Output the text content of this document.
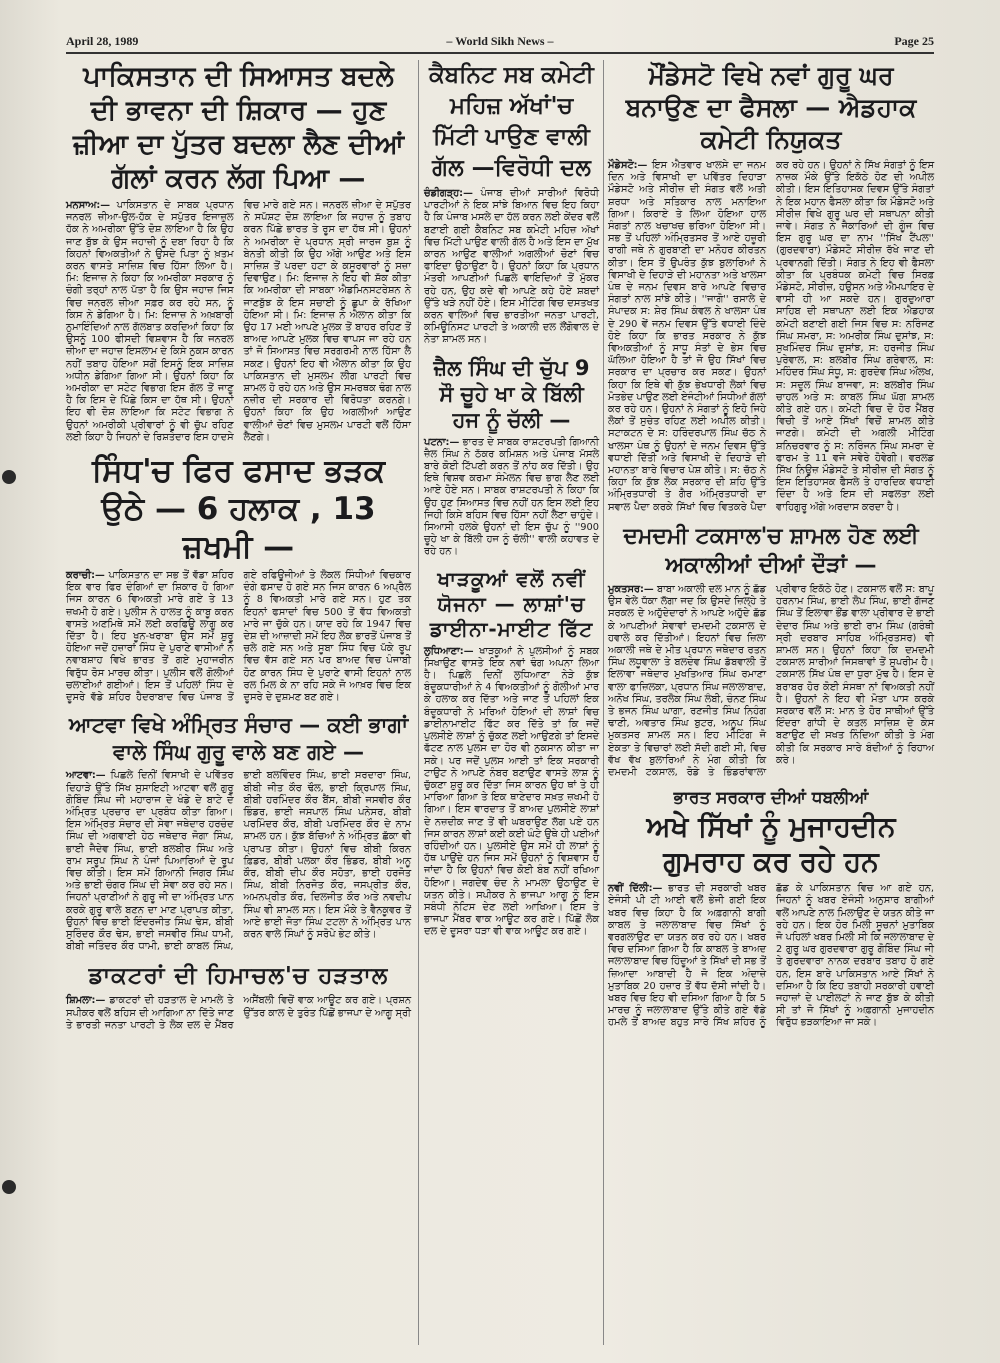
April 28, 1989	– World Sikh News –	Page 25
ਪਾਕਿਸਤਾਨ ਦੀ ਸਿਆਸਤ ਬਦਲੇ ਦੀ ਭਾਵਨਾ ਦੀ ਸ਼ਿਕਾਰ — ਹੁਣ ਜ਼ੀਆ ਦਾ ਪੁੱਤਰ ਬਦਲਾ ਲੈਣ ਦੀਆਂ ਗੱਲਾਂ ਕਰਨ ਲੱਗ ਪਿਆ —

ਮਨਸਾਅ:— ਪਾਕਿਸਤਾਨ ਦੇ ਸਾਬਕ ਪ੍ਰਧਾਨ ਜਨਰਲ ਜ਼ੀਆ-ਉਲ-ਹੱਕ ਦੇ ਸਪੁੱਤਰ ਇਜਾਜ਼ੁਲ ਹੱਕ ਨੇ ਅਮਰੀਕਾ ਉੱਤੇ ਦੋਸ਼ ਲਾਇਆ ਹੈ ਕਿ ਉਹ ਜਾਣ ਬੁੱਝ ਕੇ ਉਸ ਜਹਾਜ਼ੀ ਨੂੰ ਦਬਾ ਰਿਹਾ ਹੈ ਕਿ ਕਿਹਨਾਂ ਵਿਅਕਤੀਆਂ ਨੇ ਉਸਦੇ ਪਿਤਾ ਨੂੰ ਖ਼ਤਮ ਕਰਨ ਵਾਸਤੇ ਸਾਜ਼ਿਸ਼ ਵਿਚ ਹਿੱਸਾ ਲਿਆ ਹੈ। ਮਿ: ਇਜਾਜ਼ ਨੇ ਕਿਹਾ ਕਿ ਅਮਰੀਕਾ ਸਰਕਾਰ ਨੂੰ ਚੰਗੀ ਤਰ੍ਹਾਂ ਨਾਲ ਪੱਤਾ ਹੈ ਕਿ ਉਸ ਜਹਾਜ਼ ਜਿਸ ਵਿਚ ਜਨਰਲ ਜ਼ੀਆ ਸਫ਼ਰ ਕਰ ਰਹੇ ਸਨ, ਨੂੰ ਕਿਸ ਨੇ ਡੇਗਿਆ ਹੈ। ਮਿ: ਇਜਾਜ਼ ਨੇ ਅਖ਼ਬਾਰੀ ਨੁਮਾਇੰਦਿਆਂ ਨਾਲ ਗੱਲਬਾਤ ਕਰਦਿਆਂ ਕਿਹਾ ਕਿ ਉਸਨੂੰ 100 ਫੀਸਦੀ ਵਿਸ਼ਵਾਸ ਹੈ ਕਿ ਜਨਰਲ ਜ਼ੀਆ ਦਾ ਜਹਾਜ਼ ਇਸਲਾਮ ਦੇ ਕਿਸੇ ਨੁਕਸ ਕਾਰਨ ਨਹੀਂ ਤਬਾਹ ਹੋਇਆ ਸਗੋਂ ਇਸਨੂੰ ਇਕ ਸਾਜ਼ਿਸ਼ ਅਧੀਨ ਡੇਗਿਆ ਗਿਆ ਸੀ। ਉਹਨਾਂ ਕਿਹਾ ਕਿ ਅਮਰੀਕਾ ਦਾ ਸਟੇਟ ਵਿਭਾਗ ਇਸ ਗੱਲ ਤੋਂ ਜਾਣੂ ਹੈ ਕਿ ਇਸ ਦੇ ਪਿੱਛੇ ਕਿਸ ਦਾ ਹੱਥ ਸੀ। ਉਹਨਾਂ ਇਹ ਵੀ ਦੋਸ਼ ਲਾਇਆ ਕਿ ਸਟੇਟ ਵਿਭਾਗ ਨੇ ਉਹਨਾਂ ਅਮਰੀਕੀ ਪ੍ਰੀਵਾਰਾਂ ਨੂੰ ਵੀ ਚੁੱਪ ਰਹਿਣ ਲਈ ਕਿਹਾ ਹੈ ਜਿਹਨਾਂ ਦੇ ਰਿਸ਼ਤੇਦਾਰ ਇਸ ਹਾਦਸੇ ਵਿਚ ਮਾਰੇ ਗਏ ਸਨ। ਜਨਰਲ ਜ਼ੀਆ ਦੇ ਸਪੁੱਤਰ ਨੇ ਸਪੱਸ਼ਟ ਦੋਸ਼ ਲਾਇਆ ਕਿ ਜਹਾਜ਼ ਨੂੰ ਤਬਾਹ ਕਰਨ ਪਿੱਛੇ ਭਾਰਤ ਤੇ ਰੂਸ ਦਾ ਹੱਥ ਸੀ। ਉਹਨਾਂ ਨੇ ਅਮਰੀਕਾ ਦੇ ਪ੍ਰਧਾਨ ਸ੍ਰੀ ਜਾਰਜ ਬੁਸ਼ ਨੂੰ ਬੇਨਤੀ ਕੀਤੀ ਕਿ ਉਹ ਅੱਗੇ ਆਉਣ ਅਤੇ ਇਸ ਸਾਜ਼ਿਸ਼ ਤੋਂ ਪਰਦਾ ਹਟਾ ਕੇ ਕਸੂਰਵਾਰਾਂ ਨੂੰ ਸਜ਼ਾ ਦਿਵਾਉਣ। ਮਿ: ਇਜਾਜ਼ ਨੇ ਇਹ ਵੀ ਸ਼ੱਕ ਕੀਤਾ ਕਿ ਅਮਰੀਕਾ ਦੀ ਸਾਬਕਾ ਐਡਮਿਨਸਟਰੇਸ਼ਨ ਨੇ ਜਾਣਬੁੱਝ ਕੇ ਇਸ ਸਚਾਈ ਨੂੰ ਛੁਪਾ ਕੇ ਰੱਖਿਆ ਹੋਇਆ ਸੀ। ਮਿ: ਇਜਾਜ਼ ਨੇ ਐਲਾਨ ਕੀਤਾ ਕਿ ਉਹ 17 ਮਈ ਆਪਣੇ ਮੁਲਕ ਤੋਂ ਬਾਹਰ ਰਹਿਣ ਤੋਂ ਬਾਅਦ ਆਪਣੇ ਮੁਲਕ ਵਿਚ ਵਾਪਸ ਜਾ ਰਹੇ ਹਨ ਤਾਂ ਜੋ ਸਿਆਸਤ ਵਿਚ ਸਰਗਰਮੀ ਨਾਲ ਹਿੱਸਾ ਲੈ ਸਕਣ। ਉਹਨਾਂ ਇਹ ਵੀ ਐਲਾਨ ਕੀਤਾ ਕਿ ਉਹ ਪਾਕਿਸਤਾਨ ਦੀ ਮੁਸਲਮ ਲੀਗ ਪਾਰਟੀ ਵਿਚ ਸ਼ਾਮਲ ਹੋ ਰਹੇ ਹਨ ਅਤੇ ਉਸ ਸਮਰਥਕ ਢੰਗ ਨਾਲ ਨਜ਼ੀਰ ਦੀ ਸਰਕਾਰ ਦੀ ਵਿਰੋਧਤਾ ਕਰਨਗੇ। ਉਹਨਾਂ ਕਿਹਾ ਕਿ ਉਹ ਅਗਲੀਆਂ ਆਉਣ ਵਾਲੀਆਂ ਚੋਣਾਂ ਵਿਚ ਮੁਸਲਮ ਪਾਰਟੀ ਵਲੋਂ ਹਿੱਸਾ ਲੈਣਗੇ।

ਸਿੰਧ'ਚ ਫਿਰ ਫਸਾਦ ਭੜਕ ਉਠੇ — 6 ਹਲਾਕ , 13 ਜ਼ਖਮੀ —

ਕਰਾਚੀ:— ਪਾਕਿਸਤਾਨ ਦਾ ਸਭ ਤੋਂ ਵੱਡਾ ਸ਼ਹਿਰ ਇਕ ਵਾਰ ਫਿਰ ਦੰਗਿਆਂ ਦਾ ਸ਼ਿਕਾਰ ਹੋ ਗਿਆ ਜਿਸ ਕਾਰਨ 6 ਵਿਅਕਤੀ ਮਾਰੇ ਗਏ ਤੇ 13 ਜ਼ਖਮੀ ਹੋ ਗਏ। ਪੁਲੀਸ ਨੇ ਹਾਲਤ ਨੂੰ ਕਾਬੂ ਕਰਨ ਵਾਸਤੇ ਅਣਮਿਥੇ ਸਮੇਂ ਲਈ ਕਰਫਿਊ ਲਾਗੂ ਕਰ ਦਿੱਤਾ ਹੈ। ਇਹ ਖੂਨ-ਖਰਾਬਾ ਉਸ ਸਮੇਂ ਸ਼ੁਰੂ ਹੋਇਆ ਜਦੋਂ ਹਜ਼ਾਰਾਂ ਸਿੰਧ ਦੇ ਪੁਰਾਣੇ ਵਾਸੀਆਂ ਨੇ ਨਵਾਬਸ਼ਾਹ ਵਿਖੇ ਭਾਰਤ ਤੋਂ ਗਏ ਮੁਹਾਜਰੀਨ ਵਿਰੁੱਧ ਰੋਸ ਮਾਰਚ ਕੀਤਾ। ਪੁਲੀਸ ਵਲੋਂ ਗੋਲੀਆਂ ਚਲਾਈਆਂ ਗਈਆਂ। ਇਸ ਤੋਂ ਪਹਿਲਾਂ ਸਿੰਧ ਦੇ ਦੂਸਰੇ ਵੱਡੇ ਸ਼ਹਿਰ ਹੈਦਰਾਬਾਦ ਵਿਚ ਪੰਜਾਬ ਤੋਂ ਗਏ ਰਫਿਊਜੀਆਂ ਤੇ ਲੋਕਲ ਸਿੰਧੀਆਂ ਵਿਚਕਾਰ ਦੰਗੇ ਫਸਾਦ ਹੋ ਗਏ ਸਨ ਜਿਸ ਕਾਰਨ 6 ਅਪ੍ਰੈਲ ਨੂੰ 8 ਵਿਅਕਤੀ ਮਾਰੇ ਗਏ ਸਨ। ਹੁਣ ਤਕ ਇਹਨਾਂ ਫਸਾਦਾਂ ਵਿਚ 500 ਤੋਂ ਵੱਧ ਵਿਅਕਤੀ ਮਾਰੇ ਜਾ ਚੁੱਕੇ ਹਨ। ਯਾਦ ਰਹੇ ਕਿ 1947 ਵਿਚ ਦੇਸ਼ ਦੀ ਆਜ਼ਾਦੀ ਸਮੇਂ ਇਹ ਲੋਕ ਭਾਰਤੋਂ ਪੰਜਾਬ ਤੋਂ ਚਲੇ ਗਏ ਸਨ ਅਤੇ ਸੂਬਾ ਸਿੰਧ ਵਿਚ ਪੱਕੇ ਰੂਪ ਵਿਚ ਵੱਸ ਗਏ ਸਨ ਪਰ ਬਾਅਦ ਵਿਚ ਪੰਜਾਬੀ ਹੋਣ ਕਾਰਨ ਸਿੰਧ ਦੇ ਪੁਰਾਣੇ ਵਾਸੀ ਇਹਨਾਂ ਨਾਲ ਰਲ ਮਿਲ ਕੇ ਨਾ ਰਹਿ ਸਕੇ ਜੋ ਆਖ਼ਰ ਵਿਚ ਇਕ ਦੂਸਰੇ ਦੇ ਦੁਸ਼ਮਣ ਬਣ ਗਏ।

ਆਟਵਾ ਵਿਖੇ ਅੰਮ੍ਰਿਤ ਸੰਚਾਰ — ਕਈ ਭਾਗਾਂ ਵਾਲੇ ਸਿੰਘ ਗੁਰੂ ਵਾਲੇ ਬਣ ਗਏ —

ਆਟਵਾ:— ਪਿਛਲੇ ਦਿਨੀਂ ਵਿਸਾਖੀ ਦੇ ਪਵਿੱਤਰ ਦਿਹਾੜੇ ਉੱਤੇ ਸਿੱਖ ਸੁਸਾਇਟੀ ਆਟਵਾ ਵਲੋਂ ਗੁਰੂ ਗੋਬਿੰਦ ਸਿੰਘ ਜੀ ਮਹਾਰਾਜ ਦੇ ਖੰਡੇ ਦੇ ਬਾਟੇ ਦੇ ਅੰਮ੍ਰਿਤ ਪ੍ਰਚਾਰ ਦਾ ਪ੍ਰਬੰਧ ਕੀਤਾ ਗਿਆ। ਇਸ ਅੰਮ੍ਰਿਤ ਸੰਚਾਰ ਦੀ ਸੇਵਾ ਜਥੇਦਾਰ ਹਰਚੰਦ ਸਿੰਘ ਦੀ ਅਗਵਾਈ ਹੇਠ ਜਥੇਦਾਰ ਜੋਗਾ ਸਿੰਘ, ਭਾਈ ਜੈਦੇਵ ਸਿੰਘ, ਭਾਈ ਬਲਬੀਰ ਸਿੰਘ ਅਤੇ ਰਾਮ ਸਰੂਪ ਸਿੰਘ ਨੇ ਪੰਜਾਂ ਪਿਆਰਿਆਂ ਦੇ ਰੂਪ ਵਿਚ ਕੀਤੀ। ਇਸ ਸਮੇਂ ਗਿਆਨੀ ਜਿਗਰ ਸਿੰਘ ਅਤੇ ਭਾਈ ਚੰਗਰ ਸਿੰਘ ਦੀ ਸੇਵਾ ਕਰ ਰਹੇ ਸਨ। ਜਿਹਨਾਂ ਪ੍ਰਾਣੀਆਂ ਨੇ ਗੁਰੂ ਜੀ ਦਾ ਅੰਮ੍ਰਿਤ ਪਾਨ ਕਰਕੇ ਗੁਰੂ ਵਾਲੇ ਬਣਨ ਦਾ ਮਾਣ ਪ੍ਰਾਪਤ ਕੀਤਾ, ਉਹਨਾਂ ਵਿਚ ਭਾਈ ਇੰਦਰਜੀਤ ਸਿੰਘ ਢੇਸ, ਬੀਬੀ ਸੁਰਿੰਦਰ ਕੌਰ ਢੇਸ, ਭਾਈ ਜਸਵੀਰ ਸਿੰਘ ਧਾਮੀ, ਬੀਬੀ ਜਤਿੰਦਰ ਕੌਰ ਧਾਮੀ, ਭਾਈ ਕਾਬਲ ਸਿੰਘ, ਭਾਈ ਬਲਵਿੰਦਰ ਸਿੰਘ, ਭਾਈ ਸਰਦਾਰਾ ਸਿੰਘ, ਬੀਬੀ ਜੀਤ ਕੌਰ ਢੌਲ, ਭਾਈ ਕ੍ਰਿਪਾਲ ਸਿੰਘ, ਬੀਬੀ ਹਰਮਿੰਦਰ ਕੌਰ ਬੈਂਸ, ਬੀਬੀ ਜਸਵੀਰ ਕੌਰ ਭਿੰਡਰ, ਭਾਈ ਜਸਪਾਲ ਸਿੰਘ ਪਨੇਸਰ, ਬੀਬੀ ਪਰਮਿੰਦਰ ਕੌਰ, ਬੀਬੀ ਪਰਮਿੰਦਰ ਕੌਰ ਦੇ ਨਾਮ ਸ਼ਾਮਲ ਹਨ। ਕੁੱਝ ਬੱਚਿਆਂ ਨੇ ਅੰਮ੍ਰਿਤ ਛੱਕਾ ਵੀ ਪ੍ਰਾਪਤ ਕੀਤਾ। ਉਹਨਾਂ ਵਿਚ ਬੀਬੀ ਕਿਰਨ ਫ਼ਿਡਰ, ਬੀਬੀ ਪਲਕਾ ਕੌਰ ਭਿੰਡਰ, ਬੀਬੀ ਅਨੂ ਕੌਰ, ਬੀਬੀ ਦੀਪ ਕੌਰ ਸਹੋਤਾ, ਭਾਈ ਹਰਜੋਤ ਸਿੰਘ, ਬੀਬੀ ਨਿਰਜੋਤ ਕੌਰ, ਜਸਪ੍ਰੀਤ ਕੌਰ, ਅਮਨਪ੍ਰੀਤ ਕੌਰ, ਦਿਲਜੀਤ ਕੌਰ ਅਤੇ ਨਵਦੀਪ ਸਿੰਘ ਵੀ ਸ਼ਾਮਲ ਸਨ। ਇਸ ਮੌਕੇ ਤੇ ਵੈਨਕੂਵਰ ਤੋਂ ਆਏ ਭਾਈ ਜੋਤਾ ਸਿੰਘ ਟਟਲਾ ਨੇ ਅੰਮ੍ਰਿਤ ਪਾਨ ਕਰਨ ਵਾਲੇ ਸਿੰਘਾਂ ਨੂੰ ਸਰੋਪੇ ਭੇਟ ਕੀਤੇ।

ਡਾਕਟਰਾਂ ਦੀ ਹਿਮਾਚਲ'ਚ ਹੜਤਾਲ

ਸ਼ਿਮਲਾ:— ਡਾਕਟਰਾਂ ਦੀ ਹੜਤਾਲ ਦੇ ਮਾਮਲੇ ਤੇ ਸਪੀਕਰ ਵਲੋਂ ਬਹਿਸ ਦੀ ਆਗਿਆ ਨਾ ਦਿੱਤੇ ਜਾਣ ਤੇ ਭਾਰਤੀ ਜਨਤਾ ਪਾਰਟੀ ਤੇ ਲੋਕ ਦਲ ਦੇ ਮੈਂਬਰ ਅਸੈਂਬਲੀ ਵਿਚੋਂ ਵਾਕ ਆਊਟ ਕਰ ਗਏ। ਪ੍ਰਸ਼ਨ ਉੱਤਰ ਕਾਲ ਦੇ ਤੁਰੰਤ ਪਿੱਛੋਂ ਭਾਜਪਾ ਦੇ ਆਗੂ ਸ੍ਰੀ

ਕੈਬਨਿਟ ਸਬ ਕਮੇਟੀ ਮਹਿਜ਼ ਅੱਖਾਂ'ਚ ਮਿੱਟੀ ਪਾਉਣ ਵਾਲੀ ਗੱਲ —ਵਿਰੋਧੀ ਦਲ

ਚੰਡੀਗੜ੍ਹ:— ਪੰਜਾਬ ਦੀਆਂ ਸਾਰੀਆਂ ਵਿਰੋਧੀ ਪਾਰਟੀਆਂ ਨੇ ਇਕ ਸਾਂਝੇ ਬਿਆਨ ਵਿਚ ਇਹ ਕਿਹਾ ਹੈ ਕਿ ਪੰਜਾਬ ਮਸਲੇ ਦਾ ਹੱਲ ਕਰਨ ਲਈ ਕੇਂਦਰ ਵਲੋਂ ਬਣਾਈ ਗਈ ਕੈਬਨਿਟ ਸਬ ਕਮੇਟੀ ਮਹਿਜ਼ ਅੱਖਾਂ ਵਿਚ ਮਿੱਟੀ ਪਾਉਣ ਵਾਲੀ ਗੱਲ ਹੈ ਅਤੇ ਇਸ ਦਾ ਮੁੱਖ ਕਾਰਨ ਆਉਣ ਵਾਲੀਆਂ ਅਗਲੀਆਂ ਚੋਣਾਂ ਵਿਚ ਫਾਇਦਾ ਉਠਾਉਣਾ ਹੈ। ਉਹਨਾਂ ਕਿਹਾ ਕਿ ਪ੍ਰਧਾਨ ਮੰਤਰੀ ਆਪਣੀਆਂ ਪਿਛਲੇ ਵਾਇਦਿਆਂ ਤੋਂ ਮੁੱਕਰ ਰਹੇ ਹਨ, ਉਹ ਕਦੇ ਵੀ ਆਪਣੇ ਕਹੇ ਹੋਏ ਸ਼ਬਦਾਂ ਉੱਤੇ ਖੜੇ ਨਹੀਂ ਹੋਏ। ਇਸ ਮੀਟਿੰਗ ਵਿਚ ਦਸਤਖਤ ਕਰਨ ਵਾਲਿਆਂ ਵਿਚ ਭਾਰਤੀਆ ਜਨਤਾ ਪਾਰਟੀ, ਕਮਿਊਨਿਸਟ ਪਾਰਟੀ ਤੇ ਅਕਾਲੀ ਦਲ ਲੌਂਗੋਵਾਲ ਦੇ ਨੇਤਾ ਸ਼ਾਮਲ ਸਨ।

ਜ਼ੈਲ ਸਿੰਘ ਦੀ ਚੁੱਪ 9 ਸੌ ਚੂਹੇ ਖਾ ਕੇ ਬਿੱਲੀ ਹਜ ਨੂੰ ਚੱਲੀ —

ਪਟਨਾ:— ਭਾਰਤ ਦੇ ਸਾਬਕ ਰਾਸ਼ਟਰਪਤੀ ਗਿਆਨੀ ਜ਼ੈਲ ਸਿੰਘ ਨੇ ਠੱਕਰ ਕਮਿਸ਼ਨ ਅਤੇ ਪੰਜਾਬ ਮੱਸਲੇ ਬਾਰੇ ਕੋਈ ਟਿੱਪਣੀ ਕਰਨ ਤੋਂ ਨਾਂਹ ਕਰ ਦਿੱਤੀ। ਉਹ ਇਥੇ ਵਿਸ਼ਵ ਕਰਮਾ ਸੰਮੇਲਨ ਵਿਚ ਭਾਗ ਲੈਣ ਲਈ ਆਏ ਹੋਏ ਸਨ। ਸਾਬਕ ਰਾਸ਼ਟਰਪਤੀ ਨੇ ਕਿਹਾ ਕਿ ਉਹ ਹੁਣ ਸਿਆਸਤ ਵਿਚ ਨਹੀਂ ਹਨ ਇਸ ਲਈ ਇਹ ਜਿਹੀ ਕਿਸੇ ਬਹਿਸ ਵਿਚ ਹਿੱਸਾ ਨਹੀਂ ਲੈਣਾ ਚਾਹੁੰਦੇ। ਸਿਆਸੀ ਹਲਕੇ ਉਹਨਾਂ ਦੀ ਇਸ ਚੁੱਪ ਨੂੰ ''900 ਚੂਹੇ ਖਾ ਕੇ ਬਿੱਲੀ ਹਜ ਨੂੰ ਚੱਲੀ'' ਵਾਲੀ ਕਹਾਵਤ ਦੇ ਰਹੇ ਹਨ।

ਖਾੜਕੂਆਂ ਵਲੋਂ ਨਵੀਂ ਯੋਜਨਾ — ਲਾਸ਼ਾਂ'ਚ ਡਾਈਨਾ-ਮਾਈਟ ਫਿੱਟ

ਲੁਧਿਆਣਾ:— ਖਾੜਕੂਆਂ ਨੇ ਪੁਲਸੀਆਂ ਨੂੰ ਸਬਕ ਸਿਖਾਉਣ ਵਾਸਤੇ ਇਕ ਨਵਾਂ ਢੰਗ ਅਪਨਾ ਲਿਆ ਹੈ। ਪਿਛਲੇ ਦਿਨੀਂ ਲੁਧਿਆਣਾ ਨੇੜੇ ਕੁੱਝ ਬੰਦੂਕਧਾਰੀਆਂ ਨੇ 4 ਵਿਅਕਤੀਆਂ ਨੂੰ ਗੋਲੀਆਂ ਮਾਰ ਕੇ ਹਲਾਕ ਕਰ ਦਿੱਤਾ ਅਤੇ ਜਾਣ ਤੋਂ ਪਹਿਲਾਂ ਇਕ ਬੰਦੂਕਧਾਰੀ ਨੇ ਮਰਿਆਂ ਹੋਇਆਂ ਦੀ ਲਾਸ਼ਾਂ ਵਿਚ ਡਾਈਨਾਮਾਈਟ ਫਿੱਟ ਕਰ ਦਿੱਤੇ ਤਾਂ ਕਿ ਜਦੋਂ ਪੁਲਸੀਏ ਲਾਸ਼ਾਂ ਨੂੰ ਚੁੱਕਣ ਲਈ ਆਉਣਗੇ ਤਾਂ ਇਸਦੇ ਫੱਟਣ ਨਾਲ ਪੁਲਸ ਦਾ ਹੋਰ ਵੀ ਨੁਕਸਾਨ ਕੀਤਾ ਜਾ ਸਕੇ। ਪਰ ਜਦੋਂ ਪੁਲਸ ਆਈ ਤਾਂ ਇਕ ਸਰਕਾਰੀ ਟਾਉਟ ਨੇ ਆਪਣੇ ਨੰਬਰ ਬਣਾਉਣ ਵਾਸਤੇ ਲਾਸ਼ ਨੂੰ ਚੁੱਕਣਾ ਸ਼ੁਰੂ ਕਰ ਦਿੱਤਾ ਜਿਸ ਕਾਰਨ ਉਹ ਥਾਂ ਤੇ ਹੀ ਮਾਰਿਆ ਗਿਆ ਤੇ ਇਕ ਥਾਣੇਦਾਰ ਸਖ਼ਤ ਜ਼ਖਮੀ ਹੋ ਗਿਆ। ਇਸ ਵਾਰਦਾਤ ਤੋਂ ਬਾਅਦ ਪੁਲਸੀਏ ਲਾਸ਼ਾਂ ਦੇ ਨਜ਼ਦੀਕ ਜਾਣ ਤੋਂ ਵੀ ਘਬਰਾਉਣ ਲੱਗ ਪਏ ਹਨ ਜਿਸ ਕਾਰਨ ਲਾਸ਼ਾਂ ਕਈ ਕਈ ਘੰਟੇ ਉਥੇ ਹੀ ਪਈਆਂ ਰਹਿੰਦੀਆਂ ਹਨ। ਪੁਲਸੀਏ ਉਸ ਸਮੇਂ ਹੀ ਲਾਸ਼ਾਂ ਨੂੰ ਹੱਥ ਪਾਉਂਦੇ ਹਨ ਜਿਸ ਸਮੇਂ ਉਹਨਾਂ ਨੂੰ ਵਿਸ਼ਵਾਸ ਹੋ ਜਾਂਦਾ ਹੈ ਕਿ ਉਹਨਾਂ ਵਿਚ ਕੋਈ ਬੰਬ ਨਹੀਂ ਰਖਿਆ ਹੋਇਆ। ਜਗਦੇਵ ਚੰਦ ਨੇ ਮਾਮਲਾ ਉਠਾਉਣ ਦੇ ਯਤਨ ਕੀਤੇ। ਸਪੀਕਰ ਨੇ ਭਾਜਪਾ ਆਗੂ ਨੂੰ ਇਸ ਸਬੰਧੀ ਨੋਟਿਸ ਦੇਣ ਲਈ ਆਖਿਆ। ਇਸ ਤੇ ਭਾਜਪਾ ਮੈਂਬਰ ਵਾਕ ਆਊਟ ਕਰ ਗਏ। ਪਿੱਛੋਂ ਲੋਕ ਦਲ ਦੇ ਦੂਸਰਾ ਧੜਾ ਵੀ ਵਾਕ ਆਊਟ ਕਰ ਗਏ।

ਮੌਂਡੇਸਟੋ ਵਿਖੇ ਨਵਾਂ ਗੁਰੂ ਘਰ ਬਨਾਉਣ ਦਾ ਫੈਸਲਾ — ਐਡਹਾਕ ਕਮੇਟੀ ਨਿਯੁਕਤ

ਮੌਡੇਸਟੋ:— ਇਸ ਐਤਵਾਰ ਖਾਲਸੇ ਦਾ ਜਨਮ ਦਿਨ ਅਤੇ ਵਿਸਾਖੀ ਦਾ ਪਵਿੱਤਰ ਦਿਹਾੜਾ ਮੌਡੇਸਟੋ ਅਤੇ ਸੀਰੀਜ਼ ਦੀ ਸੰਗਤ ਵਲੋਂ ਅਤੀ ਸ਼ਰਧਾ ਅਤੇ ਸਤਿਕਾਰ ਨਾਲ ਮਨਾਇਆ ਗਿਆ। ਕਿਰਾਏ ਤੇ ਲਿਆ ਹੋਇਆ ਹਾਲ ਸੰਗਤਾਂ ਨਾਲ ਖਚਾਖਚ ਭਰਿਆ ਹੋਇਆ ਸੀ। ਸਭ ਤੋਂ ਪਹਿਲਾਂ ਅੰਮ੍ਰਿਤਸਰ ਤੋਂ ਆਏ ਹਜ਼ੂਰੀ ਰਾਗੀ ਜਥੇ ਨੇ ਗੁਰਬਾਣੀ ਦਾ ਮਨੋਹਰ ਕੀਰਤਨ ਕੀਤਾ। ਇਸ ਤੋਂ ਉਪਰੰਤ ਕੁੱਝ ਬੁਲਾਰਿਆਂ ਨੇ ਵਿਸਾਖੀ ਦੇ ਦਿਹਾੜੇ ਦੀ ਮਹਾਨਤਾ ਅਤੇ ਖਾਲਸਾ ਪੰਥ ਦੇ ਜਨਮ ਦਿਵਸ ਬਾਰੇ ਆਪਣੇ ਵਿਚਾਰ ਸੰਗਤਾਂ ਨਾਲ ਸਾਂਝੇ ਕੀਤੇ। ''ਜਾਗੋ'' ਰਸਾਲੇ ਦੇ ਸੰਪਾਦਕ ਸ: ਸ਼ੇਰ ਸਿੰਘ ਕੰਵਲ ਨੇ ਖਾਲਸਾ ਪੰਥ ਦੇ 290 ਵੇਂ ਜਨਮ ਦਿਵਸ ਉੱਤੇ ਵਧਾਈ ਦਿੰਦੇ ਹੋਏ ਕਿਹਾ ਕਿ ਭਾਰਤ ਸਰਕਾਰ ਨੇ ਕੁੱਝ ਵਿਅਕਤੀਆਂ ਨੂੰ ਸਾਧੂ ਸੰਤਾਂ ਦੇ ਭੇਸ ਵਿਚ ਘੱਲਿਆ ਹੋਇਆ ਹੈ ਤਾਂ ਜੋ ਉਹ ਸਿੱਖਾਂ ਵਿਚ ਸਰਕਾਰ ਦਾ ਪ੍ਰਚਾਰ ਕਰ ਸਕਣ। ਉਹਨਾਂ ਕਿਹਾ ਕਿ ਇਥੇ ਵੀ ਕੁੱਝ ਭੇਖਧਾਰੀ ਲੋਕਾਂ ਵਿਚ ਮੋਤਭੇਦ ਪਾਉਣ ਲਈ ਏਜੰਟੀਆਂ ਸਿਧੀਆਂ ਗੱਲਾਂ ਕਰ ਰਹੇ ਹਨ। ਉਹਨਾਂ ਨੇ ਸੰਗਤਾਂ ਨੂੰ ਇਹੋ ਜਿਹੇ ਲੋਕਾਂ ਤੋਂ ਸੁਚੇਤ ਰਹਿਣ ਲਈ ਅਪੀਲ ਕੀਤੀ। ਸਟਾਕਟਨ ਦੇ ਸ: ਹਰਿੰਦਰਪਾਲ ਸਿੰਘ ਚੱਠ ਨੇ ਖਾਲਸਾ ਪੰਥ ਨੂੰ ਉਹਨਾਂ ਦੇ ਜਨਮ ਦਿਵਸ ਉੱਤੇ ਵਧਾਈ ਦਿੱਤੀ ਅਤੇ ਵਿਸਾਖੀ ਦੇ ਦਿਹਾੜੇ ਦੀ ਮਹਾਨਤਾ ਬਾਰੇ ਵਿਚਾਰ ਪੇਸ਼ ਕੀਤੇ। ਸ: ਚੱਠ ਨੇ ਕਿਹਾ ਕਿ ਕੁੱਝ ਲੋਕ ਸਰਕਾਰ ਦੀ ਸ਼ਹਿ ਉੱਤੇ ਅੰਮ੍ਰਿਤਧਾਰੀ ਤੇ ਗੈਰ ਅੰਮ੍ਰਿਤਧਾਰੀ ਦਾ ਸਵਾਲ ਪੈਦਾ ਕਰਕੇ ਸਿੱਖਾਂ ਵਿਚ ਵਿਤਕਰੇ ਪੈਦਾ ਕਰ ਰਹੇ ਹਨ। ਉਹਨਾਂ ਨੇ ਸਿੱਖ ਸੰਗਤਾਂ ਨੂੰ ਇਸ ਨਾਜ਼ਕ ਮੌਕੇ ਉੱਤੇ ਇਕੱਠੇ ਹੋਣ ਦੀ ਅਪੀਲ ਕੀਤੀ। ਇਸ ਇਤਿਹਾਸਕ ਦਿਵਸ ਉੱਤੇ ਸੰਗਤਾਂ ਨੇ ਇਕ ਮਹਾਨ ਫੈਸਲਾ ਕੀਤਾ ਕਿ ਮੌਡੇਸਟੋ ਅਤੇ ਸੀਰੀਜ਼ ਵਿਖੇ ਗੁਰੂ ਘਰ ਦੀ ਸਥਾਪਨਾ ਕੀਤੀ ਜਾਵੇ। ਸੰਗਤ ਨੇ ਜੈਕਾਰਿਆਂ ਦੀ ਗੂੰਜ ਵਿਚ ਇਸ ਗੁਰੂ ਘਰ ਦਾ ਨਾਮ ''ਸਿੱਖ ਟੈਂਪਲ'' (ਗੁਰਦਵਾਰਾ) ਮੌਡੇਸਟੋ ਸੀਰੀਜ਼ ਰੱਖੇ ਜਾਣ ਦੀ ਪ੍ਰਵਾਨਗੀ ਦਿੱਤੀ। ਸੰਗਤ ਨੇ ਇਹ ਵੀ ਫੈਸਲਾ ਕੀਤਾ ਕਿ ਪ੍ਰਬੰਧਕ ਕਮੇਟੀ ਵਿਚ ਸਿਰਫ਼ ਮੌਡੇਸਟੋ, ਸੀਰੀਜ਼, ਹਉਸਨ ਅਤੇ ਐਮਪਾਇਰ ਦੇ ਵਾਸੀ ਹੀ ਆ ਸਕਦੇ ਹਨ। ਗੁਰਦੁਆਰਾ ਸਾਹਿਬ ਦੀ ਸਥਾਪਨਾ ਲਈ ਇਕ ਐਡਹਾਕ ਕਮੇਟੀ ਬਣਾਈ ਗਈ ਜਿਸ ਵਿਚ ਸ: ਨਰਿੰਜਣ ਸਿੰਘ ਸਮਰਾ, ਸ: ਅਮਰੀਕ ਸਿੰਘ ਦੁਸਾਂਝ, ਸ: ਸੁਖਮਿੰਦਰ ਸਿੰਘ ਦੁਸਾਂਝ, ਸ: ਹਰਜੀਤ ਸਿੰਘ ਪੁਰੇਵਾਲ, ਸ: ਬਲਬੀਰ ਸਿੰਘ ਗਰੇਵਾਲ, ਸ: ਮਹਿੰਦਰ ਸਿੰਘ ਸੰਧੂ, ਸ: ਗੁਰਦੇਵ ਸਿੰਘ ਔਲਖ, ਸ: ਸਦੂਲ ਸਿੰਘ ਬਾਜਵਾ, ਸ: ਬਲਬੀਰ ਸਿੰਘ ਚਾਹਲ ਅਤੇ ਸ: ਕਾਬਲ ਸਿੰਘ ਘੱਗ ਸ਼ਾਮਲ ਕੀਤੇ ਗਏ ਹਨ। ਕਮੇਟੀ ਵਿਚ ਦੋ ਹੋਰ ਮੈਂਬਰ ਵਿਚੀ ਤੋਂ ਆਏ ਸਿੱਖਾਂ ਵਿਚੋਂ ਸ਼ਾਮਲ ਕੀਤੇ ਜਾਣਗੇ। ਕਮੇਟੀ ਦੀ ਅਗਲੀ ਮੀਟਿੰਗ ਸ਼ਨਿਚਰਵਾਰ ਨੂੰ ਸ: ਨਰਿੰਜਨ ਸਿੰਘ ਸਮਰਾ ਦੇ ਫਾਰਮ ਤੇ 11 ਵਜੇ ਸਵੇਰੇ ਹੋਵੇਗੀ। ਵਰਲਡ ਸਿੱਖ ਨਿਊਜ਼ ਮੌਡੇਸਟੋ ਤੇ ਸੀਰੀਜ਼ ਦੀ ਸੰਗਤ ਨੂੰ ਇਸ ਇਤਿਹਾਸਕ ਫੈਸਲੇ ਤੇ ਹਾਰਦਿਕ ਵਧਾਈ ਦਿੰਦਾ ਹੈ ਅਤੇ ਇਸ ਦੀ ਸਫਲਤਾ ਲਈ ਵਾਹਿਗੁਰੂ ਅੱਗੇ ਅਰਦਾਸ ਕਰਦਾ ਹੈ।

ਦਮਦਮੀ ਟਕਸਾਲ'ਚ ਸ਼ਾਮਲ ਹੋਣ ਲਈ ਅਕਾਲੀਆਂ ਦੀਆਂ ਦੌੜਾਂ —

ਮੁਕਤਸਰ:— ਬਾਬਾ ਅਕਾਲੀ ਦਲ ਮਾਨ ਨੂੰ ਛੱਡ ਉਸ ਵੇਲੇ ਧੱਕਾ ਲੱਗਾ ਜਦ ਕਿ ਉਸਦੇ ਜ਼ਿਲ੍ਹੇ ਤੇ ਸਰਕਲ ਦੇ ਅਹੁੱਦੇਦਾਰਾਂ ਨੇ ਆਪਣੇ ਅਹੁੱਦੇ ਛੱਡ ਕੇ ਆਪਣੀਆਂ ਸੇਵਾਵਾਂ ਦਮਦਮੀ ਟਕਸਾਲ ਦੇ ਹਵਾਲੇ ਕਰ ਦਿੱਤੀਆਂ। ਇਹਨਾਂ ਵਿਚ ਜ਼ਿਲਾ ਅਕਾਲੀ ਜਥੇ ਦੇ ਮੀਤ ਪ੍ਰਧਾਨ ਜਥੇਦਾਰ ਰਤਨ ਸਿੰਘ ਲਧੂਵਾਲਾ ਤੇ ਬਲਦੇਵ ਸਿੰਘ ਡੱਬਵਾਲੀ ਤੋਂ ਇਲਾਵਾ ਜਥੇਦਾਰ ਮੁਖਤਿਆਰ ਸਿੰਘ ਰਮਾਣਾ ਵਾਲਾ ਫਾਜ਼ਿਲਕਾ, ਪ੍ਰਧਾਨ ਸਿੰਘ ਜਲਾਲਾਬਾਦ, ਅਨੋਖ ਸਿੰਘ, ਤਰਲੋਕ ਸਿੰਘ ਲੰਬੀ, ਚੰਨਣ ਸਿੰਘ ਤੇ ਭਜਨ ਸਿੰਘ ਘਾਗਾ, ਰਣਜੀਤ ਸਿੰਘ ਨਿਹੰਗ ਢਾਣੀ, ਅਵਤਾਰ ਸਿੰਘ ਬੁਟਰ, ਅਨੂਪ ਸਿੰਘ ਮੁਕਤਸਰ ਸ਼ਾਮਲ ਸਨ। ਇਹ ਮੀਟਿੰਗ ਜੋ ਏਕਤਾ ਤੇ ਵਿਚਾਰਾਂ ਲਈ ਸੱਦੀ ਗਈ ਸੀ, ਵਿਚ ਵੱਖ ਵੱਖ ਬੁਲਾਰਿਆਂ ਨੇ ਮੰਗ ਕੀਤੀ ਕਿ ਦਮਦਮੀ ਟਕਸਾਲ, ਰੋਡੇ ਤੇ ਭਿੰਡਰਾਂਵਾਲਾ ਪ੍ਰੀਵਾਰ ਇਕੱਠੇ ਹੋਣ। ਟਕਸਾਲ ਵਲੋਂ ਸ: ਬਾਪੂ ਹਰਨਾਮ ਸਿੰਘ, ਭਾਈ ਲੋਪ ਸਿੰਘ, ਭਾਈ ਗੱਜਣ ਸਿੰਘ ਤੋਂ ਇਲਾਵਾ ਭੌਂਡ ਵਾਲਾ ਪ੍ਰੀਵਾਰ ਦੇ ਭਾਈ ਦੇਦਾਰ ਸਿੰਘ ਅਤੇ ਭਾਈ ਰਾਮ ਸਿੰਘ (ਗਰੰਥੀ ਸ੍ਰੀ ਦਰਬਾਰ ਸਾਹਿਬ ਅੰਮ੍ਰਿਤਸਰ) ਵੀ ਸ਼ਾਮਲ ਸਨ। ਉਹਨਾਂ ਕਿਹਾ ਕਿ ਦਮਦਮੀ ਟਕਸਾਲ ਸਾਰੀਆਂ ਜਿਸਥਾਵਾਂ ਤੋਂ ਸੁਪਰੀਮ ਹੈ। ਟਕਸਾਲ ਸਿੱਖ ਪੰਥ ਦਾ ਧੁਰਾ ਮੁੱਢ ਹੈ। ਇਸ ਦੇ ਬਰਾਬਰ ਹੋਰ ਕੋਈ ਸੰਸਥਾ ਨਾਂ ਵਿਅਕਤੀ ਨਹੀਂ ਹੈ। ਉਹਨਾਂ ਨੇ ਇਹ ਵੀ ਮੋਤਾ ਪਾਸ ਕਰਕੇ ਸਰਕਾਰ ਵਲੋਂ ਸ: ਮਾਨ ਤੇ ਹੋਰ ਸਾਥੀਆਂ ਉੱਤੇ ਇੰਦਰਾ ਗਾਂਧੀ ਦੇ ਕਤਲ ਸਾਜ਼ਿਸ਼ ਦੇ ਕੇਸ ਬਣਾਉਣ ਦੀ ਸਖਤ ਨਿੰਦਿਆ ਕੀਤੀ ਤੇ ਮੰਗ ਕੀਤੀ ਕਿ ਸਰਕਾਰ ਸਾਰੇ ਬੰਦੀਆਂ ਨੂੰ ਰਿਹਾਅ ਕਰੇ।

ਭਾਰਤ ਸਰਕਾਰ ਦੀਆਂ ਧਬਲੀਆਂ
ਅਖੇ ਸਿੱਖਾਂ ਨੂੰ ਮੁਜਾਹਦੀਨ ਗੁਮਰਾਹ ਕਰ ਰਹੇ ਹਨ

ਨਵੀਂ ਦਿੱਲੀ:— ਭਾਰਤ ਦੀ ਸਰਕਾਰੀ ਖਬਰ ਏਜੰਸੀ ਪੀ ਟੀ ਆਈ ਵਲੋਂ ਭੇਜੀ ਗਈ ਇਕ ਖਬਰ ਵਿਚ ਕਿਹਾ ਹੈ ਕਿ ਅਫ਼ਗਾਨੀ ਬਾਗੀ ਕਾਬਲ ਤੇ ਜਲਾਲਾਬਾਦ ਵਿਚ ਸਿੱਖਾਂ ਨੂੰ ਵਰਗਲਾਉਣ ਦਾ ਯਤਨ ਕਰ ਰਹੇ ਹਨ। ਖਬਰ ਵਿਚ ਦਸਿਆ ਗਿਆ ਹੈ ਕਿ ਕਾਬਲ ਤੇ ਬਾਅਦ ਜਲਾਲਾਬਾਦ ਵਿਚ ਹਿੰਦੂਆਂ ਤੇ ਸਿੱਖਾਂ ਦੀ ਸਭ ਤੋਂ ਜ਼ਿਆਦਾ ਆਬਾਦੀ ਹੈ ਜੋ ਇਕ ਅੰਦਾਜ਼ੇ ਮੁਤਾਬਿਕ 20 ਹਜ਼ਾਰ ਤੋਂ ਵੱਧ ਦੱਸੀ ਜਾਂਦੀ ਹੈ। ਖਬਰ ਵਿਚ ਇਹ ਵੀ ਦਸਿਆ ਗਿਆ ਹੈ ਕਿ 5 ਮਾਰਚ ਨੂੰ ਜਲਾਲਾਬਾਦ ਉੱਤੇ ਕੀਤੇ ਗਏ ਵੱਡੇ ਹਮਲੇ ਤੋਂ ਬਾਅਦ ਬਹੁਤ ਸਾਰੇ ਸਿੱਖ ਸ਼ਹਿਰ ਨੂੰ ਛੱਡ ਕੇ ਪਾਕਿਸਤਾਨ ਵਿਚ ਆ ਗਏ ਹਨ, ਜਿਹਨਾਂ ਨੂੰ ਖਬਰ ਏਜੰਸੀ ਅਨੁਸਾਰ ਬਾਗੀਆਂ ਵਲੋਂ ਆਪਣੇ ਨਾਲ ਮਿਲਾਉਣ ਦੇ ਯਤਨ ਕੀਤੇ ਜਾ ਰਹੇ ਹਨ। ਇਕ ਹੋਰ ਮਿਲੀ ਸੂਚਨਾਂ ਮੁਤਾਬਿਕ ਜੋ ਪਹਿਲਾਂ ਖਬਰ ਮਿਲੀ ਸੀ ਕਿ ਜਲਾਲਾਬਾਦ ਦੇ 2 ਗੁਰੂ ਘਰ ਗੁਰਦਵਾਰਾ ਗੁਰੂ ਗੋਬਿੰਦ ਸਿੰਘ ਜੀ ਤੇ ਗੁਰਦਵਾਰਾ ਨਾਨਕ ਦਰਬਾਰ ਤਬਾਹ ਹੋ ਗਏ ਹਨ, ਇਸ ਬਾਰੇ ਪਾਕਿਸਤਾਨ ਆਏ ਸਿੱਖਾਂ ਨੇ ਦਸਿਆ ਹੈ ਕਿ ਇਹ ਤਬਾਹੀ ਸਰਕਾਰੀ ਹਵਾਈ ਜਹਾਜ਼ਾਂ ਦੇ ਪਾਈਲਟਾਂ ਨੇ ਜਾਣ ਬੁੱਝ ਕੇ ਕੀਤੀ ਸੀ ਤਾਂ ਜੋ ਸਿੱਖਾਂ ਨੂੰ ਅਫ਼ਗਾਨੀ ਮੁਜਾਹਦੀਨ ਵਿਰੁੱਧ ਭੜਕਾਇਆ ਜਾ ਸਕੇ।
